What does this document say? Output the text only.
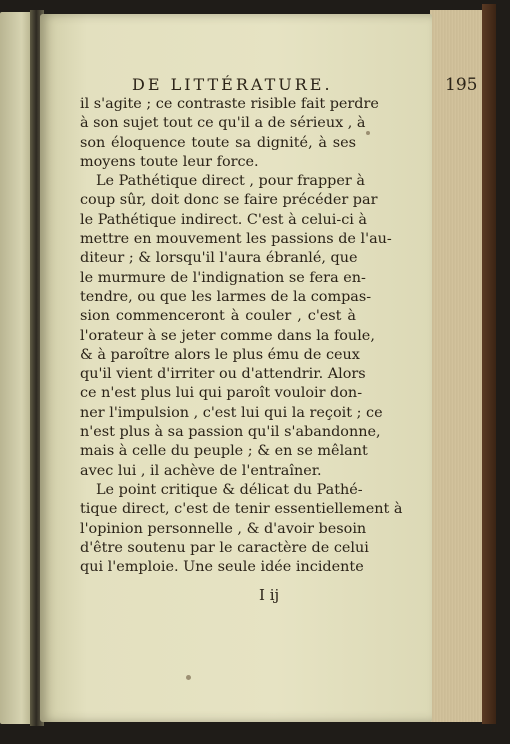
DE LITTÉRATURE.	195

il s'agite ; ce contraste risible fait perdre
à son sujet tout ce qu'il a de sérieux , à
son éloquence toute sa dignité, à ses
moyens toute leur force.

Le Pathétique direct , pour frapper à
coup sûr, doit donc se faire précéder par
le Pathétique indirect. C'est à celui-ci à
mettre en mouvement les passions de l'au-
diteur ; & lorsqu'il l'aura ébranlé, que
le murmure de l'indignation se fera en-
tendre, ou que les larmes de la compas-
sion commenceront à couler , c'est à
l'orateur à se jeter comme dans la foule,
& à paroître alors le plus ému de ceux
qu'il vient d'irriter ou d'attendrir. Alors
ce n'est plus lui qui paroît vouloir don-
ner l'impulsion , c'est lui qui la reçoit ; ce
n'est plus à sa passion qu'il s'abandonne,
mais à celle du peuple ; & en se mêlant
avec lui , il achève de l'entraîner.

Le point critique & délicat du Pathé-
tique direct, c'est de tenir essentiellement à
l'opinion personnelle , & d'avoir besoin
d'être soutenu par le caractère de celui
qui l'emploie. Une seule idée incidente

I ij
